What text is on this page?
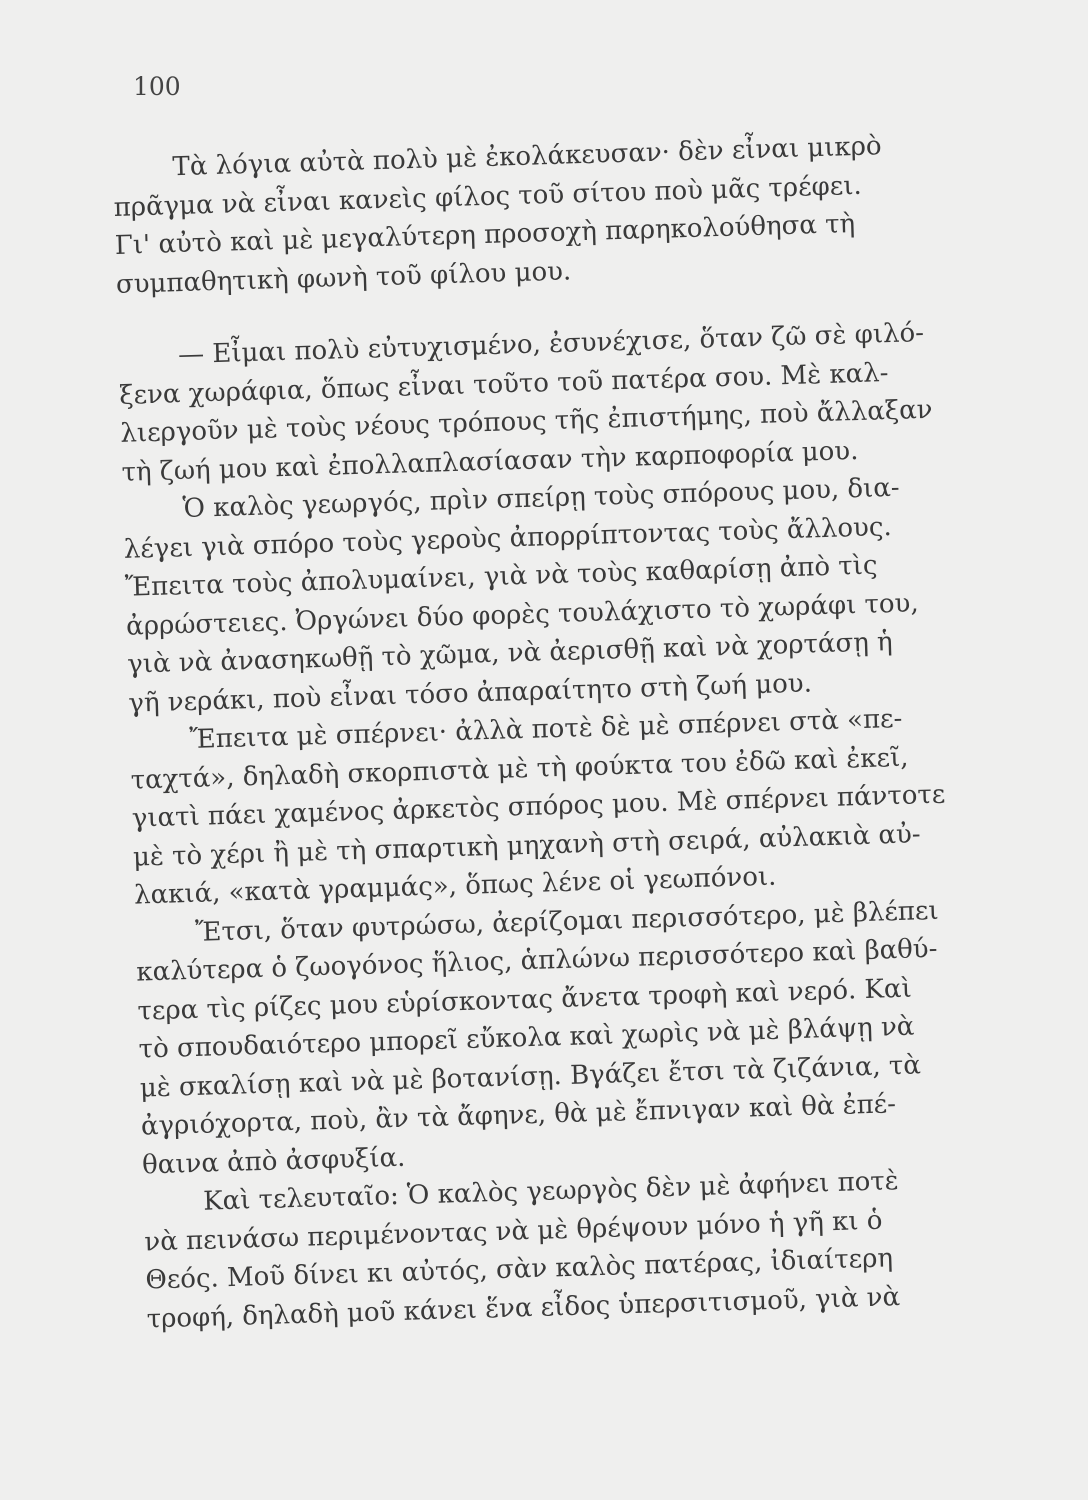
100
Τὰ λόγια αὐτὰ πολὺ μὲ ἐκολάκευσαν· δὲν εἶναι μικρὸ
πρᾶγμα νὰ εἶναι κανεὶς φίλος τοῦ σίτου ποὺ μᾶς τρέφει.
Γι' αὐτὸ καὶ μὲ μεγαλύτερη προσοχὴ παρηκολούθησα τὴ
συμπαθητικὴ φωνὴ τοῦ φίλου μου.
— Εἶμαι πολὺ εὐτυχισμένο, ἐσυνέχισε, ὅταν ζῶ σὲ φιλό-
ξενα χωράφια, ὅπως εἶναι τοῦτο τοῦ πατέρα σου. Μὲ καλ-
λιεργοῦν μὲ τοὺς νέους τρόπους τῆς ἐπιστήμης, ποὺ ἄλλαξαν
τὴ ζωή μου καὶ ἐπολλαπλασίασαν τὴν καρποφορία μου.
Ὁ καλὸς γεωργός, πρὶν σπείρῃ τοὺς σπόρους μου, δια-
λέγει γιὰ σπόρο τοὺς γεροὺς ἀπορρίπτοντας τοὺς ἄλλους.
Ἔπειτα τοὺς ἀπολυμαίνει, γιὰ νὰ τοὺς καθαρίσῃ ἀπὸ τὶς
ἀρρώστειες. Ὀργώνει δύο φορὲς τουλάχιστο τὸ χωράφι του,
γιὰ νὰ ἀνασηκωθῇ τὸ χῶμα, νὰ ἀερισθῇ καὶ νὰ χορτάσῃ ἡ
γῆ νεράκι, ποὺ εἶναι τόσο ἀπαραίτητο στὴ ζωή μου.
Ἔπειτα μὲ σπέρνει· ἀλλὰ ποτὲ δὲ μὲ σπέρνει στὰ «πε-
ταχτά», δηλαδὴ σκορπιστὰ μὲ τὴ φούκτα του ἐδῶ καὶ ἐκεῖ,
γιατὶ πάει χαμένος ἀρκετὸς σπόρος μου. Μὲ σπέρνει πάντοτε
μὲ τὸ χέρι ἢ μὲ τὴ σπαρτικὴ μηχανὴ στὴ σειρά, αὐλακιὰ αὐ-
λακιά, «κατὰ γραμμάς», ὅπως λένε οἱ γεωπόνοι.
Ἔτσι, ὅταν φυτρώσω, ἀερίζομαι περισσότερο, μὲ βλέπει
καλύτερα ὁ ζωογόνος ἥλιος, ἁπλώνω περισσότερο καὶ βαθύ-
τερα τὶς ρίζες μου εὑρίσκοντας ἄνετα τροφὴ καὶ νερό. Καὶ
τὸ σπουδαιότερο μπορεῖ εὔκολα καὶ χωρὶς νὰ μὲ βλάψῃ νὰ
μὲ σκαλίσῃ καὶ νὰ μὲ βοτανίσῃ. Βγάζει ἔτσι τὰ ζιζάνια, τὰ
ἀγριόχορτα, ποὺ, ἂν τὰ ἄφηνε, θὰ μὲ ἔπνιγαν καὶ θὰ ἐπέ-
θαινα ἀπὸ ἀσφυξία.
Καὶ τελευταῖο: Ὁ καλὸς γεωργὸς δὲν μὲ ἀφήνει ποτὲ
νὰ πεινάσω περιμένοντας νὰ μὲ θρέψουν μόνο ἡ γῆ κι ὁ
Θεός. Μοῦ δίνει κι αὐτός, σὰν καλὸς πατέρας, ἰδιαίτερη
τροφή, δηλαδὴ μοῦ κάνει ἕνα εἶδος ὑπερσιτισμοῦ, γιὰ νὰ
